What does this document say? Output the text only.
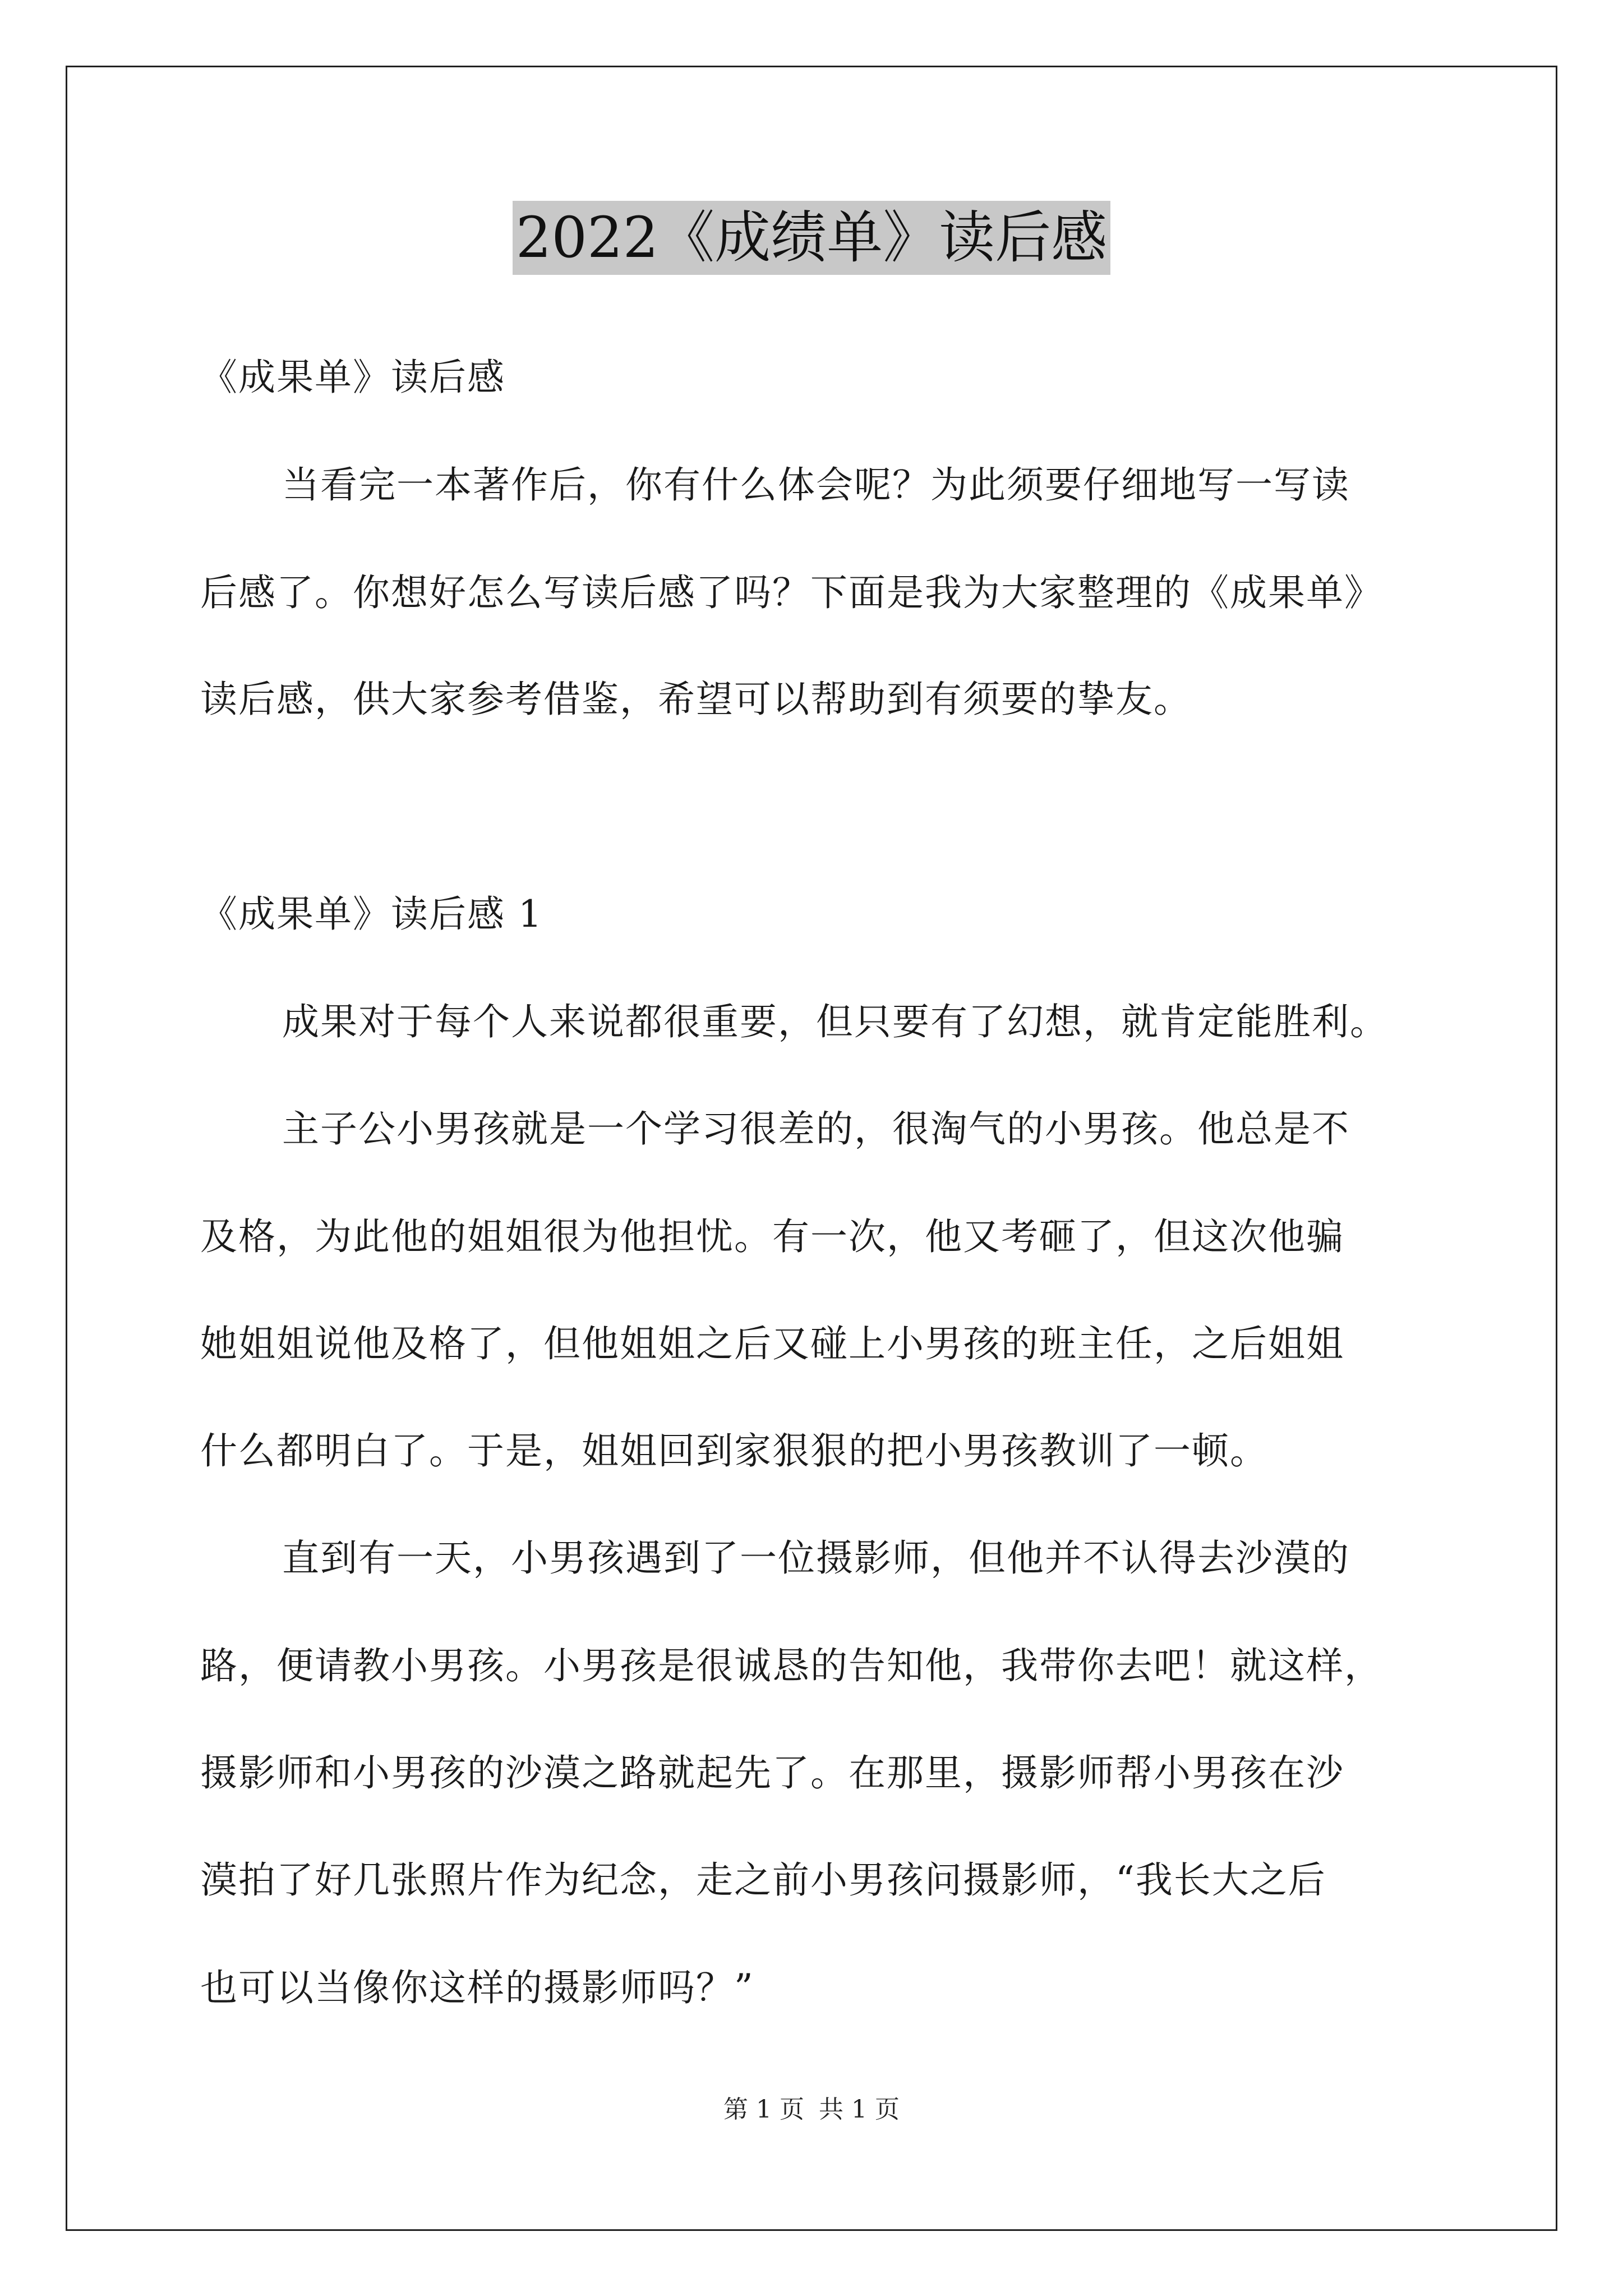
2022《成绩单》读后感
《成果单》读后感
当看完一本著作后，你有什么体会呢？为此须要仔细地写一写读
后感了。你想好怎么写读后感了吗？下面是我为大家整理的《成果单》
读后感，供大家参考借鉴，希望可以帮助到有须要的挚友。
《成果单》读后感 1
成果对于每个人来说都很重要，但只要有了幻想，就肯定能胜利。
主子公小男孩就是一个学习很差的，很淘气的小男孩。他总是不
及格，为此他的姐姐很为他担忧。有一次，他又考砸了，但这次他骗
她姐姐说他及格了，但他姐姐之后又碰上小男孩的班主任，之后姐姐
什么都明白了。于是，姐姐回到家狠狠的把小男孩教训了一顿。
直到有一天，小男孩遇到了一位摄影师，但他并不认得去沙漠的
路，便请教小男孩。小男孩是很诚恳的告知他，我带你去吧！就这样，
摄影师和小男孩的沙漠之路就起先了。在那里，摄影师帮小男孩在沙
漠拍了好几张照片作为纪念，走之前小男孩问摄影师，“我长大之后
也可以当像你这样的摄影师吗？”
第 1 页 共 1 页
